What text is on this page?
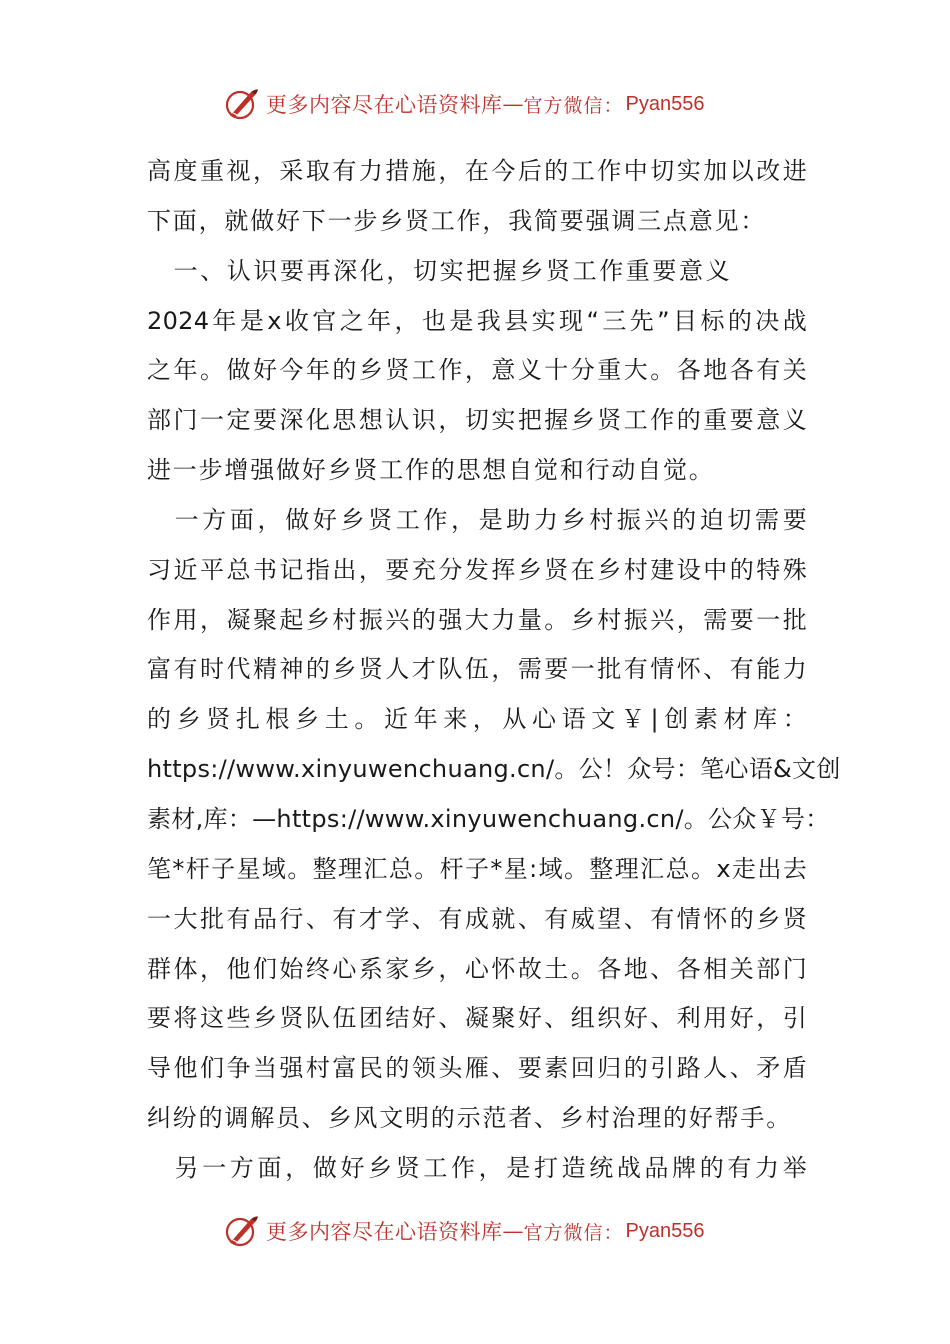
更多内容尽在心语资料库 — 官方微信： Pyan556
高度重视，采取有力措施，在今后的工作中切实加以改进
下面，就做好下一步乡贤工作，我简要强调三点意见：
　一、认识要再深化，切实把握乡贤工作重要意义
2024年是x收官之年，也是我县实现“三先”目标的决战
之年。做好今年的乡贤工作，意义十分重大。各地各有关
部门一定要深化思想认识，切实把握乡贤工作的重要意义
进一步增强做好乡贤工作的思想自觉和行动自觉。
　一方面，做好乡贤工作，是助力乡村振兴的迫切需要
习近平总书记指出，要充分发挥乡贤在乡村建设中的特殊
作用，凝聚起乡村振兴的强大力量。乡村振兴，需要一批
富有时代精神的乡贤人才队伍，需要一批有情怀、有能力
的乡贤扎根乡土。近年来，从心语文￥|创素材库：
https://www.xinyuwenchuang.cn/。公！众号：笔心语&文创
素材,库：—https://www.xinyuwenchuang.cn/。公众￥号：
笔*杆子星域。整理汇总。杆子*星:域。整理汇总。x走出去
一大批有品行、有才学、有成就、有威望、有情怀的乡贤
群体，他们始终心系家乡，心怀故土。各地、各相关部门
要将这些乡贤队伍团结好、凝聚好、组织好、利用好，引
导他们争当强村富民的领头雁、要素回归的引路人、矛盾
纠纷的调解员、乡风文明的示范者、乡村治理的好帮手。
　另一方面，做好乡贤工作，是打造统战品牌的有力举
更多内容尽在心语资料库 — 官方微信： Pyan556
